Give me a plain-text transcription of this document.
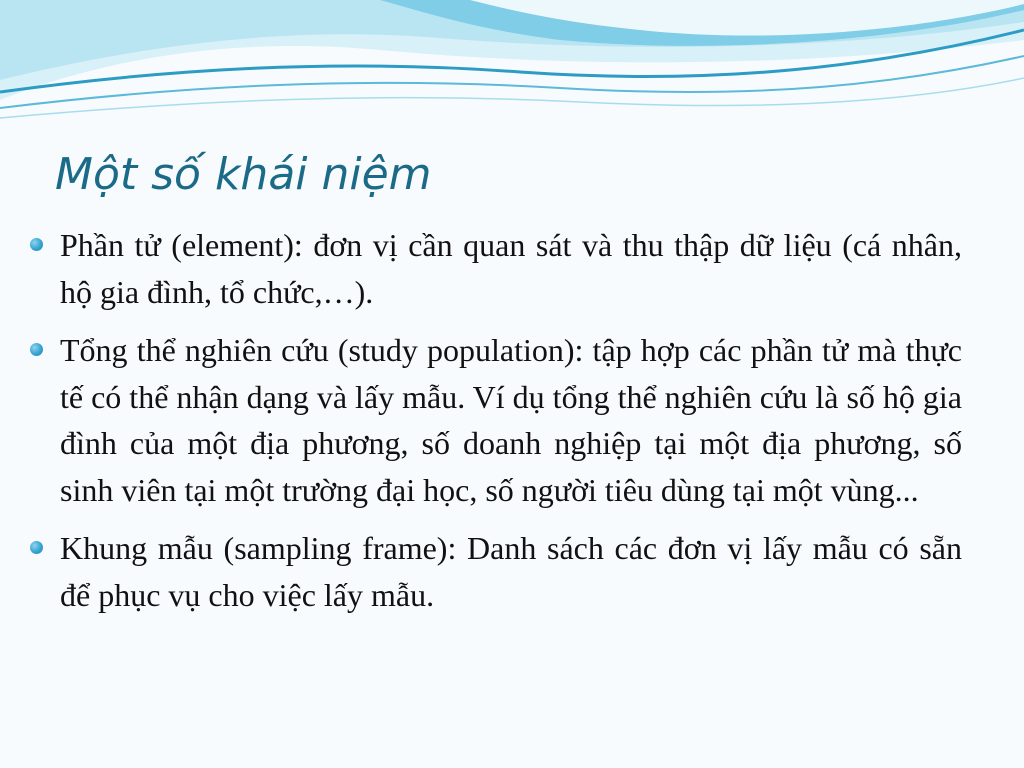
Một số khái niệm
Phần tử (element): đơn vị cần quan sát và thu thập dữ liệu (cá nhân, hộ gia đình, tổ chức,…).
Tổng thể nghiên cứu (study population): tập hợp các phần tử mà thực tế có thể nhận dạng và lấy mẫu. Ví dụ tổng thể nghiên cứu là số hộ gia đình của một địa phương, số doanh nghiệp tại một địa phương, số sinh viên tại một trường đại học, số người tiêu dùng tại một vùng...
Khung mẫu (sampling frame): Danh sách các đơn vị lấy mẫu có sẵn để phục vụ cho việc lấy mẫu.
